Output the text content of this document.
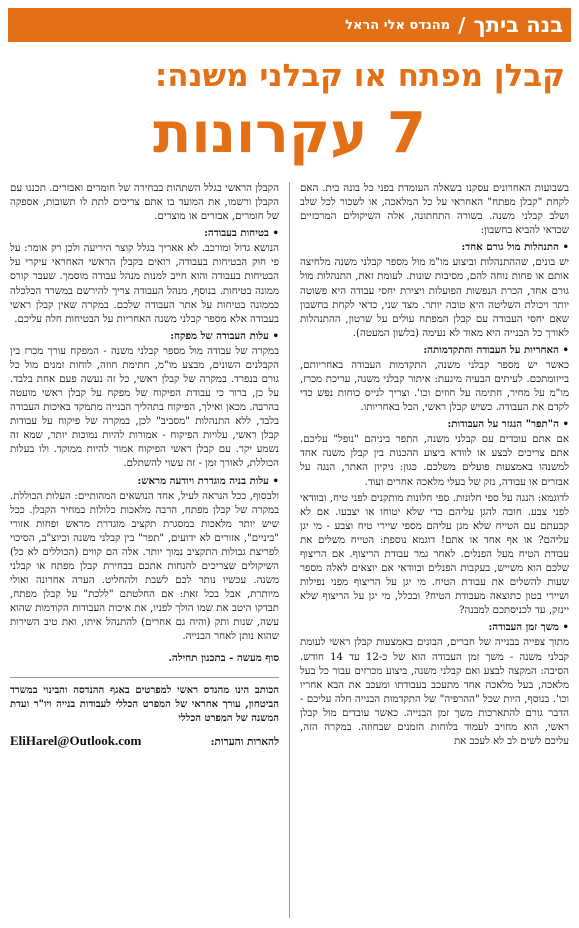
בנה ביתך
/
מהנדס אלי הראל
קבלן מפתח או קבלני משנה:
7 עקרונות

בשבועות האחרונים עסקנו בשאלה העומדת בפני כל בונה בית. האם לקחת "קבלן מפתח" האחראי על כל המלאכה, או לשכור לכל שלב ושלב קבלני משנה. בשורה התחתונה, אלה השיקולים המרכזיים שכדאי להביא בחשבון:

• התנהלות מול גורם אחד:

יש בונים, שההתנהלות וביצוע מו"מ מול מספר קבלני משנה מלחיצה אותם או פחות נוחה להם, מסיבות שונות. לעומת זאת, התנהלות מול גורם אחד, הכרת הנפשות הפועלות ויצירת יחסי עבודה היא פשוטה יותר ויכולת השליטה היא טובה יותר. מצד שני, כדאי לקחת בחשבון שאם יחסי העבודה עם קבלן המפתח עולים על שרטון, ההתנהלות לאורך כל הבנייה היא מאוד לא נעימה (בלשון המעטה).

• האחריות על העבודה והתקדמותה:

כאשר יש מספר קבלני משנה, התקדמות העבודה באחריותם, בייזומתכם. לעיתים הבעיה מיגעת: איתור קבלני משנה, עריכת מכרז, מו"מ על מחיר, חתימה על חוזים וכו'. וצריך לנייס כוחות נפש כדי לקדם את העבודה. כשיש קבלן ראשי, הכל באחריותו.

• ה"תפר" הנגזר על העבודות:

אם אתם עובדים עם קבלני משנה, התפר ביניהם "נופל" עליכם. אתם צריכים לבצע או לוודא ביצוע ההכנות בין קבלן משנה אחד למשנהו באמצעות פועלים משלכם. כגון: ניקיון האתר, הנגה על אבזרים או עבודה, נזק של בעלי מלאכה אחרים ועוד.

לדוגמא: הנגה על ספי חלונות. ספי חלונות מותקנים לפני טיח, ובוודאי לפני צבע. חובה להגן עליהם כדי שלא יטוחו או יצבעו. אם לא קבעתם עם הטייח שלא מגן עליהם מספי שיירי טיח וצבע - מי יגן עליהם? או אף אחד או אתם! דוגמא נוספת: הטייח משלים את עבודת הטיח מעל הפנלים. לאחר גמר עבודת הריצוף. אם הריצוף שלכם הוא משייש, בעקבות הפנלים ובוודאי אם יוצאים לאלה מספר שעות להשלים את עבודת הטיח. מי יגן על הריצוף מפני נפילות ושיירי בטון כתוצאה מעבודת הטיח? ובכלל, מי יגן על הריצוף שלא יינזק, עד לכניסתכם למבנה?

• משך זמן העבודה:

מתוך צפייה בבנייה של חברים, הבונים באמצעות קבלן ראשי לעומת קבלני משנה - משך זמן העבודה הוא של כ-12 עד 14 חודש. הסיבה: המקצה לבצע ואם קבלני משנה, ביצוע מכרזים עבור כל בעל מלאכה, בעל מלאכה אחד מתעכב בעבודתו ומעכב את הבא אחריו וכו'. בנוסף, היות שכל "ההרפיה" של התקדמות הבנייה חלה עליכם - הדבר גורם להתארכות משך זמן הבנייה. כאשר עובדים מול קבלן ראשי, הוא מחויב לעמוד בלוחות הזמנים שבחוזה. במקרה הזה, עליכם לשים לב לא לעכב את

הקבלן הראשי בגלל השתהות בבחירה של חומרים ואבזרים. תכננו עם הקבלן ורשמו, את המועד בו אתם צריכים לתת לו תשובות, אספקה של חומרים, אבזרים או מוצרים.

• בטיחות בעבודה:

הנושא גדול ומורכב. לא אאריך בגלל קוצר היריעה ולכן רק אומר: על פי חוק הבטיחות בעבודה, רואים בקבלן הראשי האחראי עיקרי על הבטיחות בעבודה והוא חייב למנות מנהל עבודה מוסמך. שעבר קורס ממונה בטיחות. בנוסף, מנהל העבודה צריך להירשם במשרד הכלכלה כממונה בטיחות על אתר העבודה שלכם. במקרה שאין קבלן ראשי בעבודה אלא מספר קבלני משנה האחריות על הבטיחות חלה עליכם.

• עלות העבודה של מפקח:

במקרה של עבודה מול מספר קבלני משנה - המפקח עורך מכרז בין הקבלנים השונים, מבצע מו"מ, חתימת חוזה, לוחות זמנים מול כל גורם בנפרד. במקרה של קבלן ראשי, כל זה נעשה פעם אחת בלבד. על כן, ברור כי עבודת הפיקוח של מפקח על קבלן ראשי מועטה בהרבה. מכאן ואילך, הפיקוח בתהליך הבנייה מתמקד באיכות העבודה בלבד, ללא התנהלות "מסביב" לכן, במקרה של פיקוח על עבודות קבלן ראשי, עלויות הפיקוח - אמורות להיות נמוכות יותר, שמא זה נשמע יקר. עם קבלן ראשי הפיקוח אמור להיות ממוקד. ולו בעלות הכוללת, לאורך זמן - זה עשוי להשתלם.

• עלות בניה מוגדרת ויודעה מראש:

ולבסוף, ככל הנראה לעיל, אחד הנושאים המהותיים: העלות הכוללת. במקרה של קבלן מפתח, הרבה מלאכות כלולות במחיר הקבלן. ככל שיש יותר מלאכות במסגרת תקציב מוגדרת מראש ופחות אזורי "ביניים", אזורים לא ידועים, "תפר" בין קבלני משנה וכיוצ"ב, הסיכוי לפריצת גבולות התקציב נמוך יותר. אלה הם קווים (הכוללים לא כל) השיקולים שצריכים להנחות אתכם בבחירת קבלן מפתח או קבלני משנה. עכשיו נותר לכם לשבת ולהחליט. הערה אחרונה ואולי מיותרת, אבל בכל זאת: אם החלטתם "ללכת" על קבלן מפתח, תבדקו היטב את שמו הולך לפניו, את איכות העבודות הקודמות שהוא עשה, שנות ותק (והיה גם אחרים) להתנהל איתו, ואת טיב השירות שהוא נותן לאחר הבנייה.

סוף מעשה - בתכנון תחילה.

הכותב הינו מהנדס ראשי למפרטים באגף ההנדסה והבינוי במשרד הביטחון, עורך אחראי של המפרט הכללי לעבודות בנייה ויו"ר ועדת המשנה של המפרט הכללי

להארות והערות:
EliHarel@Outlook.com
